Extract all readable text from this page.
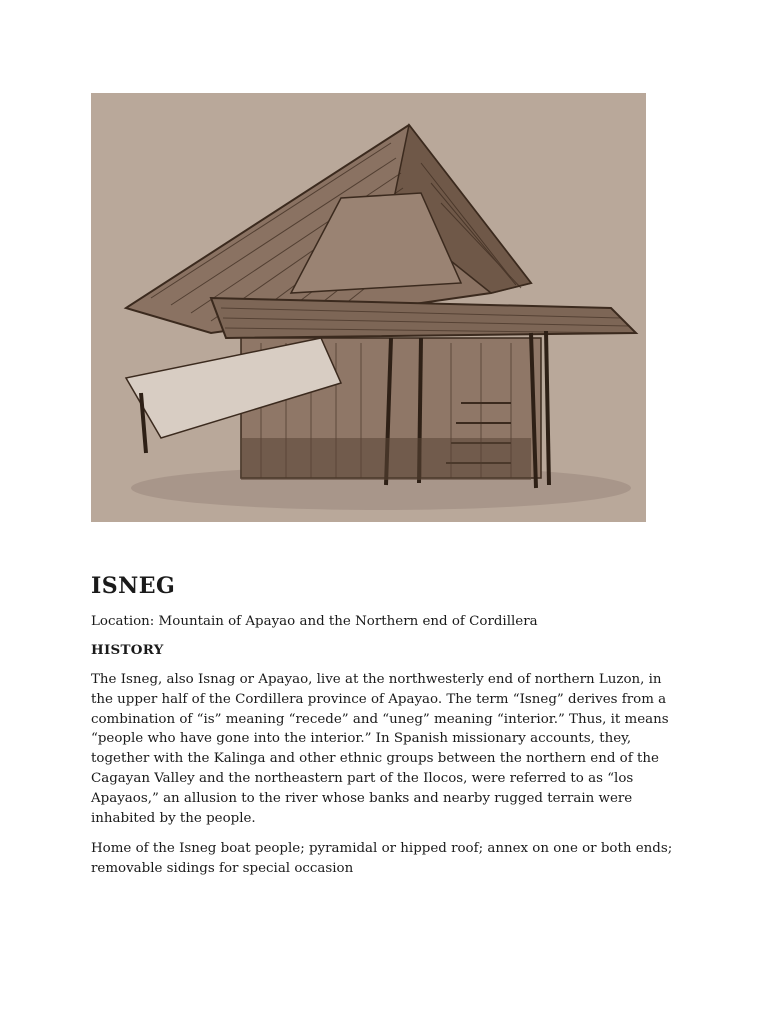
ISNEG

Location: Mountain of Apayao and the Northern end of Cordillera

HISTORY

The Isneg, also Isnag or Apayao, live at the northwesterly end of northern Luzon, in the upper half of the Cordillera province of Apayao. The term “Isneg” derives from a combination of “is” meaning “recede” and “uneg” meaning “interior.” Thus, it means “people who have gone into the interior.” In Spanish missionary accounts, they, together with the Kalinga and other ethnic groups between the northern end of the Cagayan Valley and the northeastern part of the Ilocos, were referred to as “los Apayaos,” an allusion to the river whose banks and nearby rugged terrain were inhabited by the people.

Home of the Isneg boat people; pyramidal or hipped roof; annex on one or both ends; removable sidings for special occasion
